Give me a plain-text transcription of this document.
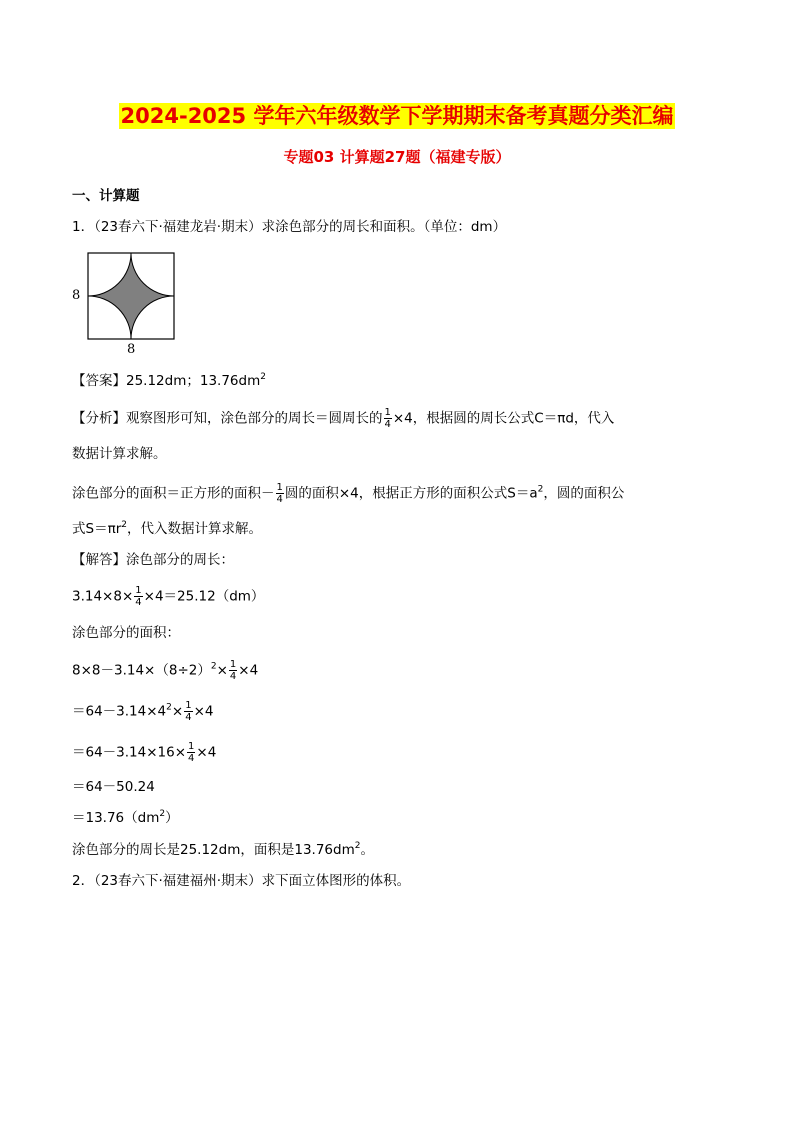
2024-2025 学年六年级数学下学期期末备考真题分类汇编
专题03 计算题27题（福建专版）
一、计算题
1．（23春六下·福建龙岩·期末）求涂色部分的周长和面积。（单位：dm）
8
8
【答案】25.12dm；$13.76dm^2$
【分析】观察图形可知，涂色部分的周长＝圆周长的 $\frac{1}{4} \times 4$，根据圆的周长公式C＝πd，代入
数据计算求解。
涂色部分的面积＝正方形的面积－ $\frac{1}{4}$ 圆的面积×4，根据正方形的面积公式$S=a^2$，圆的面积公
式$S=\pi r^2$，代入数据计算求解。
【解答】涂色部分的周长：
$3.14\times 8\times \frac{1}{4} \times 4=25.12(dm)$
涂色部分的面积：
$8\times 8-3.14\times(8\div 2)^2\times \frac{1}{4} \times 4$
$=64-3.14\times 4^2\times \frac{1}{4} \times 4$
$=64-3.14\times 16\times \frac{1}{4} \times 4$
＝64－50.24
$=13.76(dm^2)$
涂色部分的周长是25.12dm，面积是$13.76dm^2$。
2．（23春六下·福建福州·期末）求下面立体图形的体积。
